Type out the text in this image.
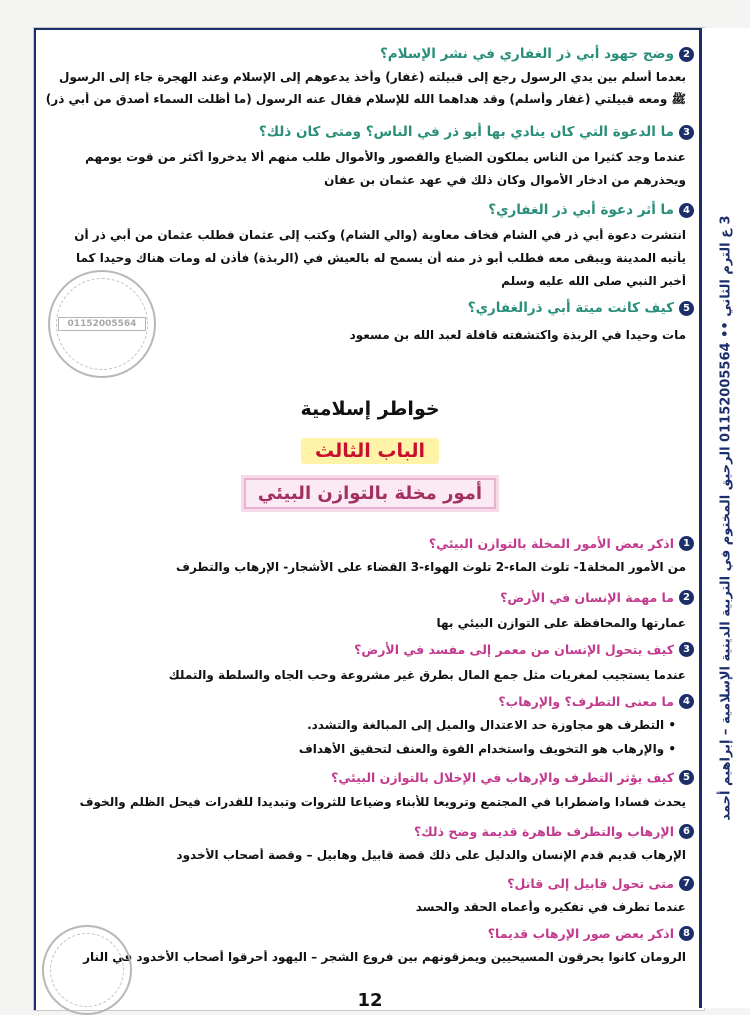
2
وضح جهود أبي ذر الغفاري في نشر الإسلام؟
بعدما أسلم بين يدي الرسول رجع إلى قبيلته (غفار) وأخذ يدعوهم إلى الإسلام وعند الهجرة جاء إلى الرسول
ﷺ ومعه قبيلتي (غفار وأسلم) وقد هداهما الله للإسلام فقال عنه الرسول (ما أظلت السماء أصدق من أبي ذر)
3
ما الدعوة التي كان ينادي بها أبو ذر في الناس؟ ومتى كان ذلك؟
عندما وجد كثيرا من الناس يملكون الضياع والقصور والأموال طلب منهم ألا يدخروا أكثر من قوت يومهم
ويحذرهم من ادخار الأموال وكان ذلك في عهد عثمان بن عفان
4
ما أثر دعوة أبي ذر الغفاري؟
انتشرت دعوة أبي ذر في الشام فخاف معاوية (والي الشام) وكتب إلى عثمان فطلب عثمان من أبي ذر أن
يأتيه المدينة ويبقى معه فطلب أبو ذر منه أن يسمح له بالعيش في (الربذة) فأذن له ومات هناك وحيدا كما
أخبر النبي صلى الله عليه وسلم
5
كيف كانت ميتة أبي ذرالغفاري؟
مات وحيدا في الربذة واكتشفته قافلة لعبد الله بن مسعود
01152005564
خواطر إسلامية
الباب الثالث
أمور مخلة بالتوازن البيئي
1
اذكر بعض الأمور المخلة بالتوازن البيئي؟
من الأمور المخلة1- تلوث الماء-2 تلوث الهواء-3 القضاء على الأشجار- الإرهاب والتطرف
2
ما مهمة الإنسان في الأرض؟
عمارتها والمحافظة على التوازن البيئي بها
3
كيف يتحول الإنسان من معمر إلى مفسد في الأرض؟
عندما يستجيب لمغريات مثل جمع المال بطرق غير مشروعة وحب الجاه والسلطة والتملك
4
ما معنى التطرف؟ والإرهاب؟
• التطرف هو مجاوزة حد الاعتدال والميل إلى المبالغة والتشدد.
• والإرهاب هو التخويف واستخدام القوة والعنف لتحقيق الأهداف
5
كيف يؤثر التطرف والإرهاب في الإخلال بالتوازن البيئي؟
يحدث فسادا واضطرابا في المجتمع وترويعا للأبناء وضياعا للثروات وتبديدا للقدرات فيحل الظلم والخوف
6
الإرهاب والتطرف ظاهرة قديمة وضح ذلك؟
الإرهاب قديم قدم الإنسان والدليل على ذلك قصة قابيل وهابيل – وقصة أصحاب الأخدود
7
متى تحول قابيل إلى قاتل؟
عندما تطرف في تفكيره وأعماه الحقد والحسد
8
اذكر بعض صور الإرهاب قديما؟
الرومان كانوا يحرقون المسيحيين ويمزقونهم بين فروع الشجر – اليهود أحرقوا أصحاب الأخدود في النار
12
3 ع الترم الثاني •• 01152005564 الرحيق المختوم في التربية الدينية الإسلامية – إبراهيم أحمد
